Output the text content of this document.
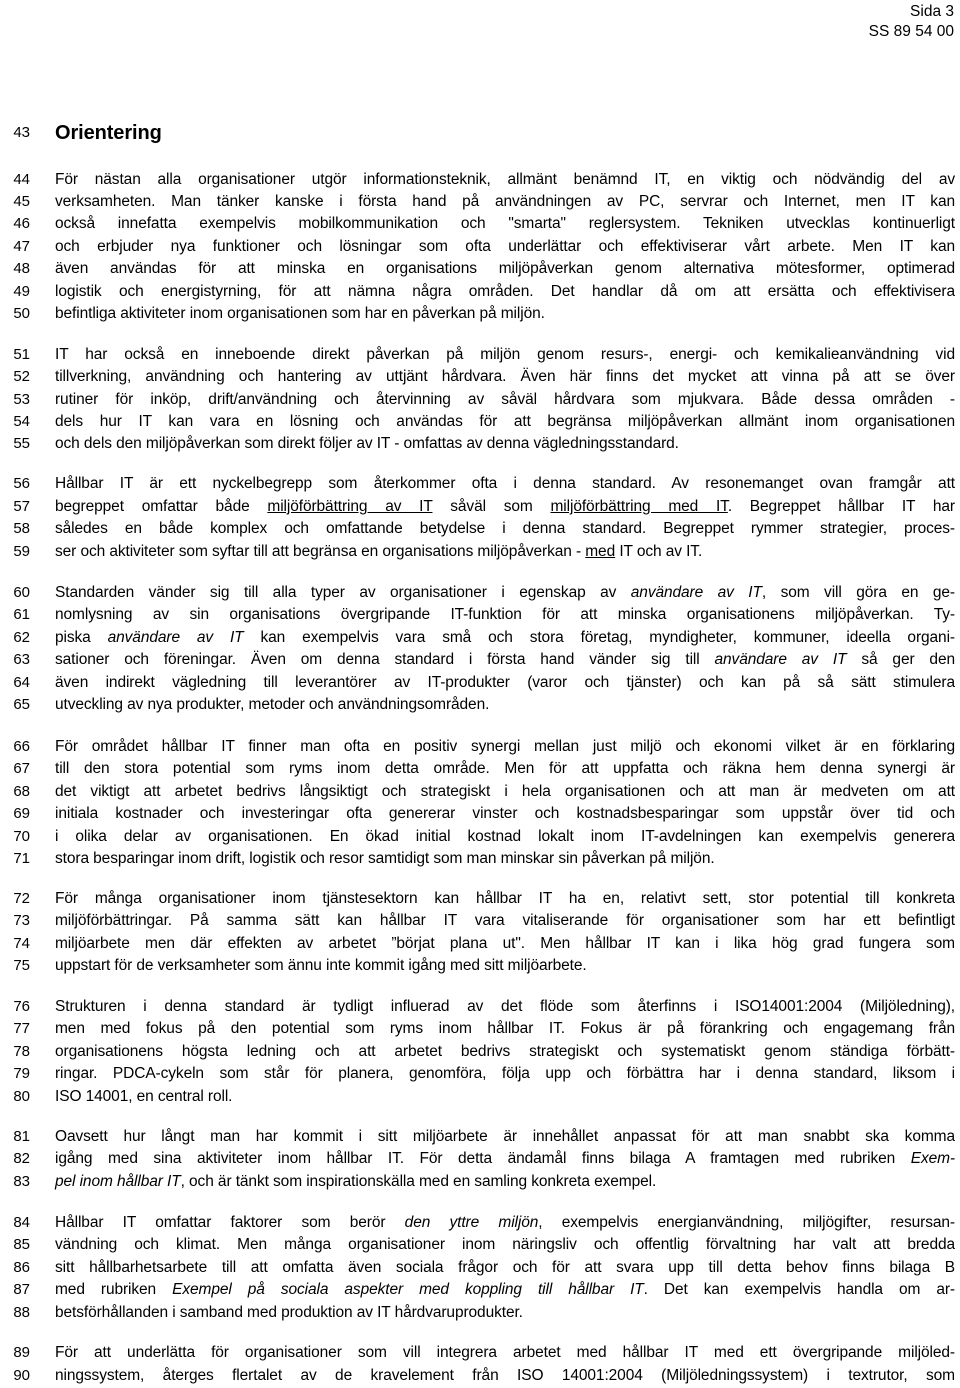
Sida 3
SS 89 54 00
43 Orientering
44 För nästan alla organisationer utgör informationsteknik, allmänt benämnd IT, en viktig och nödvändig del av
45 verksamheten. Man tänker kanske i första hand på användningen av PC, servrar och Internet, men IT kan
46 också innefatta exempelvis mobilkommunikation och "smarta" reglersystem. Tekniken utvecklas kontinuerligt
47 och erbjuder nya funktioner och lösningar som ofta underlättar och effektiviserar vårt arbete. Men IT kan
48 även användas för att minska en organisations miljöpåverkan genom alternativa mötesformer, optimerad
49 logistik och energistyrning, för att nämna några områden. Det handlar då om att ersätta och effektivisera
50 befintliga aktiviteter inom organisationen som har en påverkan på miljön.
51 IT har också en inneboende direkt påverkan på miljön genom resurs-, energi- och kemikalieanvändning vid
52 tillverkning, användning och hantering av uttjänt hårdvara. Även här finns det mycket att vinna på att se över
53 rutiner för inköp, drift/användning och återvinning av såväl hårdvara som mjukvara. Både dessa områden -
54 dels hur IT kan vara en lösning och användas för att begränsa miljöpåverkan allmänt inom organisationen
55 och dels den miljöpåverkan som direkt följer av IT - omfattas av denna vägledningsstandard.
56 Hållbar IT är ett nyckelbegrepp som återkommer ofta i denna standard. Av resonemanget ovan framgår att
57 begreppet omfattar både miljöförbättring av IT såväl som miljöförbättring med IT. Begreppet hållbar IT har
58 således en både komplex och omfattande betydelse i denna standard. Begreppet rymmer strategier, proces-
59 ser och aktiviteter som syftar till att begränsa en organisations miljöpåverkan - med IT och av IT.
60 Standarden vänder sig till alla typer av organisationer i egenskap av användare av IT, som vill göra en ge-
61 nomlysning av sin organisations övergripande IT-funktion för att minska organisationens miljöpåverkan. Ty-
62 piska användare av IT kan exempelvis vara små och stora företag, myndigheter, kommuner, ideella organi-
63 sationer och föreningar. Även om denna standard i första hand vänder sig till användare av IT så ger den
64 även indirekt vägledning till leverantörer av IT-produkter (varor och tjänster) och kan på så sätt stimulera
65 utveckling av nya produkter, metoder och användningsområden.
66 För området hållbar IT finner man ofta en positiv synergi mellan just miljö och ekonomi vilket är en förklaring
67 till den stora potential som ryms inom detta område. Men för att uppfatta och räkna hem denna synergi är
68 det viktigt att arbetet bedrivs långsiktigt och strategiskt i hela organisationen och att man är medveten om att
69 initiala kostnader och investeringar ofta genererar vinster och kostnadsbesparingar som uppstår över tid och
70 i olika delar av organisationen. En ökad initial kostnad lokalt inom IT-avdelningen kan exempelvis generera
71 stora besparingar inom drift, logistik och resor samtidigt som man minskar sin påverkan på miljön.
72 För många organisationer inom tjänstesektorn kan hållbar IT ha en, relativt sett, stor potential till konkreta
73 miljöförbättringar. På samma sätt kan hållbar IT vara vitaliserande för organisationer som har ett befintligt
74 miljöarbete men där effekten av arbetet ”börjat plana ut". Men hållbar IT kan i lika hög grad fungera som
75 uppstart för de verksamheter som ännu inte kommit igång med sitt miljöarbete.
76 Strukturen i denna standard är tydligt influerad av det flöde som återfinns i ISO14001:2004 (Miljöledning),
77 men med fokus på den potential som ryms inom hållbar IT. Fokus är på förankring och engagemang från
78 organisationens högsta ledning och att arbetet bedrivs strategiskt och systematiskt genom ständiga förbätt-
79 ringar. PDCA-cykeln som står för planera, genomföra, följa upp och förbättra har i denna standard, liksom i
80 ISO 14001, en central roll.
81 Oavsett hur långt man har kommit i sitt miljöarbete är innehållet anpassat för att man snabbt ska komma
82 igång med sina aktiviteter inom hållbar IT. För detta ändamål finns bilaga A framtagen med rubriken Exem-
83 pel inom hållbar IT, och är tänkt som inspirationskälla med en samling konkreta exempel.
84 Hållbar IT omfattar faktorer som berör den yttre miljön, exempelvis energianvändning, miljögifter, resursan-
85 vändning och klimat. Men många organisationer inom näringsliv och offentlig förvaltning har valt att bredda
86 sitt hållbarhetsarbete till att omfatta även sociala frågor och för att svara upp till detta behov finns bilaga B
87 med rubriken Exempel på sociala aspekter med koppling till hållbar IT. Det kan exempelvis handla om ar-
88 betsförhållanden i samband med produktion av IT hårdvaruprodukter.
89 För att underlätta för organisationer som vill integrera arbetet med hållbar IT med ett övergripande miljöled-
90 ningssystem, återges flertalet av de kravelement från ISO 14001:2004 (Miljöledningssystem) i textrutor, som
